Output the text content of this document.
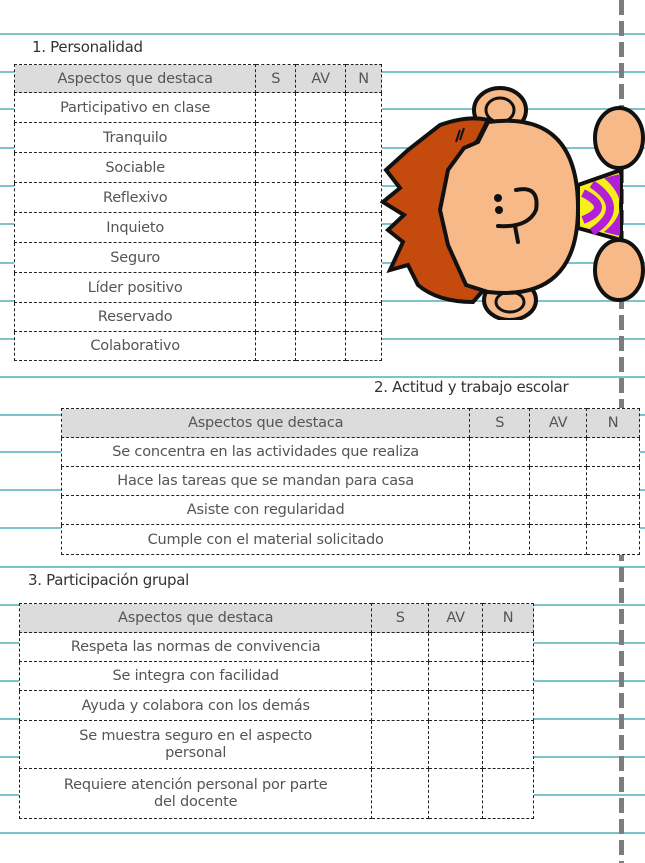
1. Personalidad
Aspectos que destaca	S	AV	N
Participativo en clase			
Tranquilo			
Sociable			
Reflexivo			
Inquieto			
Seguro			
Líder positivo			
Reservado			
Colaborativo			
2. Actitud y trabajo escolar
Aspectos que destaca	S	AV	N
Se concentra en las actividades que realiza			
Hace las tareas que se mandan para casa			
Asiste con regularidad			
Cumple con el material solicitado			
3. Participación grupal
Aspectos que destaca	S	AV	N
Respeta las normas de convivencia			
Se integra con facilidad			
Ayuda y colabora con los demás			
Se muestra seguro en el aspecto personal			
Requiere atención personal por parte del docente			
